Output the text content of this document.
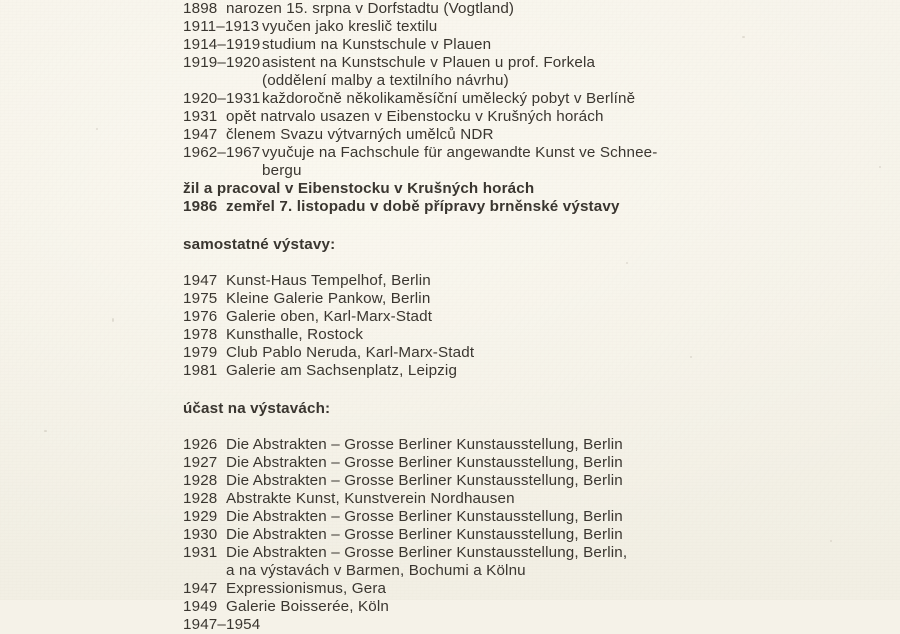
1898 narozen 15. srpna v Dorfstadtu (Vogtland)
1911–1913 vyučen jako kreslič textilu
1914–1919 studium na Kunstschule v Plauen
1919–1920 asistent na Kunstschule v Plauen u prof. Forkela
(oddělení malby a textilního návrhu)
1920–1931 každoročně několikaměsíční umělecký pobyt v Berlíně
1931 opět natrvalo usazen v Eibenstocku v Krušných horách
1947 členem Svazu výtvarných umělců NDR
1962–1967 vyučuje na Fachschule für angewandte Kunst ve Schnee-
bergu
žil a pracoval v Eibenstocku v Krušných horách
1986 zemřel 7. listopadu v době přípravy brněnské výstavy
samostatné výstavy:
1947 Kunst-Haus Tempelhof, Berlin
1975 Kleine Galerie Pankow, Berlin
1976 Galerie oben, Karl-Marx-Stadt
1978 Kunsthalle, Rostock
1979 Club Pablo Neruda, Karl-Marx-Stadt
1981 Galerie am Sachsenplatz, Leipzig
účast na výstavách:
1926 Die Abstrakten – Grosse Berliner Kunstausstellung, Berlin
1927 Die Abstrakten – Grosse Berliner Kunstausstellung, Berlin
1928 Die Abstrakten – Grosse Berliner Kunstausstellung, Berlin
1928 Abstrakte Kunst, Kunstverein Nordhausen
1929 Die Abstrakten – Grosse Berliner Kunstausstellung, Berlin
1930 Die Abstrakten – Grosse Berliner Kunstausstellung, Berlin
1931 Die Abstrakten – Grosse Berliner Kunstausstellung, Berlin,
a na výstavách v Barmen, Bochumi a Kölnu
1947 Expressionismus, Gera
1949 Galerie Boisserée, Köln
1947–1954
